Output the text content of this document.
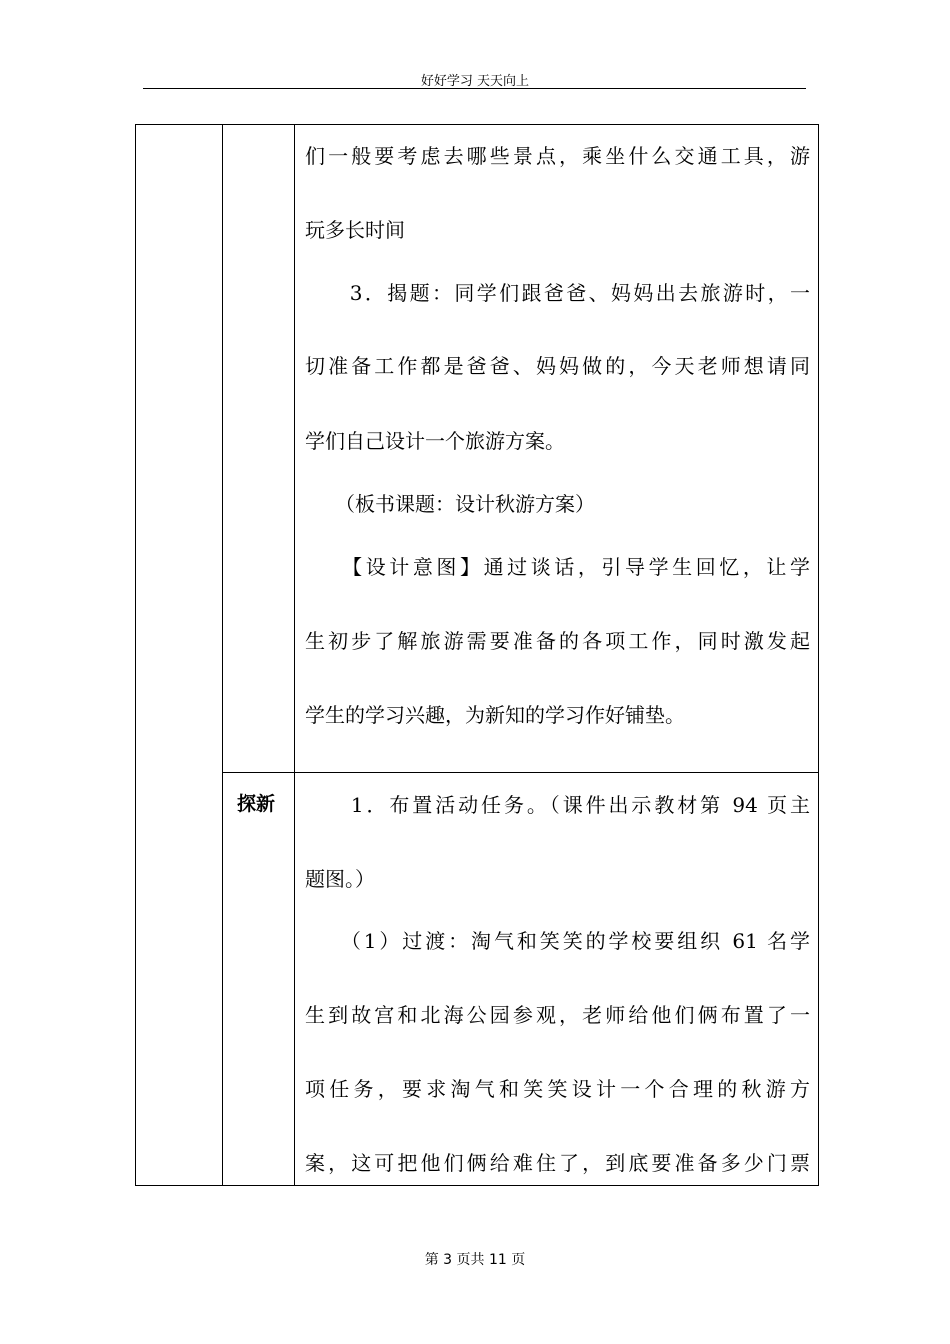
好好学习 天天向上
探新
们一般要考虑去哪些景点，乘坐什么交通工具，游
玩多长时间
　　3．揭题：同学们跟爸爸、妈妈出去旅游时，一
切准备工作都是爸爸、妈妈做的，今天老师想请同
学们自己设计一个旅游方案。
　　（板书课题：设计秋游方案）
　　【设计意图】通过谈话，引导学生回忆，让学
生初步了解旅游需要准备的各项工作，同时激发起
学生的学习兴趣，为新知的学习作好铺垫。
　　1．布置活动任务。（课件出示教材第 94 页主
题图。）
　　（1）过渡：淘气和笑笑的学校要组织 61 名学
生到故宫和北海公园参观，老师给他们俩布置了一
项任务，要求淘气和笑笑设计一个合理的秋游方
案，这可把他们俩给难住了，到底要准备多少门票
第 3 页共 11 页
